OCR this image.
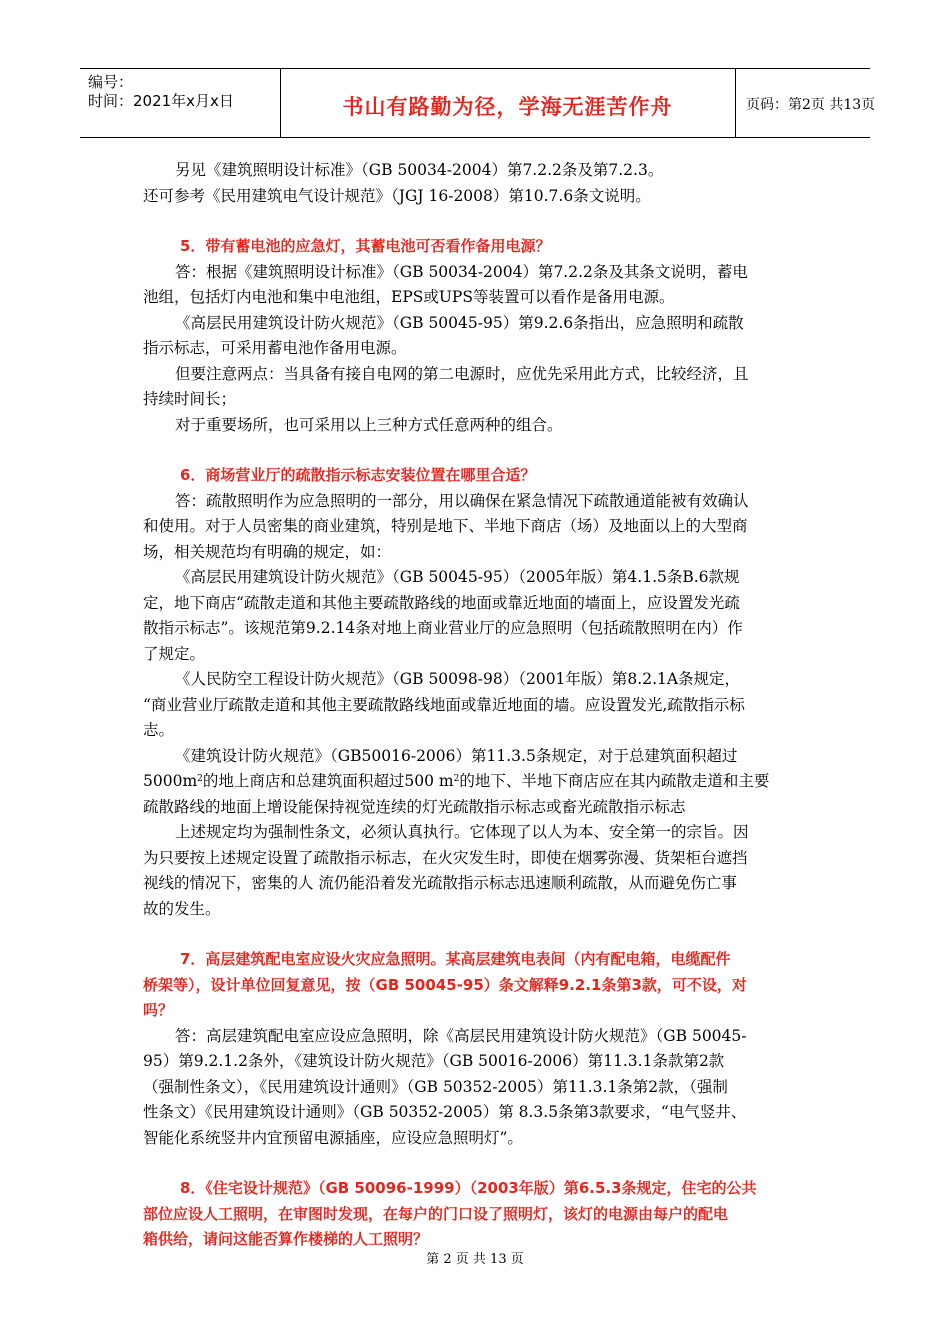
编号：
时间：2021年x月x日	书山有路勤为径，学海无涯苦作舟	页码：第2页 共13页
另见《建筑照明设计标准》（GB 50034-2004）第7.2.2条及第7.2.3。
还可参考《民用建筑电气设计规范》（JGJ 16-2008）第10.7.6条文说明。
5．带有蓄电池的应急灯，其蓄电池可否看作备用电源？
答：根据《建筑照明设计标准》（GB 50034-2004）第7.2.2条及其条文说明，蓄电
池组，包括灯内电池和集中电池组，EPS或UPS等装置可以看作是备用电源。
《高层民用建筑设计防火规范》（GB 50045-95）第9.2.6条指出，应急照明和疏散
指示标志，可采用蓄电池作备用电源。
但要注意两点：当具备有接自电网的第二电源时，应优先采用此方式，比较经济，且
持续时间长；
对于重要场所，也可采用以上三种方式任意两种的组合。
6．商场营业厅的疏散指示标志安装位置在哪里合适？
答：疏散照明作为应急照明的一部分，用以确保在紧急情况下疏散通道能被有效确认
和使用。对于人员密集的商业建筑，特别是地下、半地下商店（场）及地面以上的大型商
场，相关规范均有明确的规定，如：
《高层民用建筑设计防火规范》（GB 50045-95）（2005年版）第4.1.5条B.6款规
定，地下商店“疏散走道和其他主要疏散路线的地面或靠近地面的墙面上，应设置发光疏
散指示标志”。该规范第9.2.14条对地上商业营业厅的应急照明（包括疏散照明在内）作
了规定。
《人民防空工程设计防火规范》（GB 50098-98）（2001年版）第8.2.1A条规定，
“商业营业厅疏散走道和其他主要疏散路线地面或靠近地面的墙。应设置发光,疏散指示标
志。
《建筑设计防火规范》（GB50016-2006）第11.3.5条规定，对于总建筑面积超过
$5000m^2$的地上商店和总建筑面积超过500 $m^2$的地下、半地下商店应在其内疏散走道和主要
疏散路线的地面上增设能保持视觉连续的灯光疏散指示标志或畜光疏散指示标志
上述规定均为强制性条文，必须认真执行。它体现了以人为本、安全第一的宗旨。因
为只要按上述规定设置了疏散指示标志，在火灾发生时，即使在烟雾弥漫、货架柜台遮挡
视线的情况下，密集的人 流仍能沿着发光疏散指示标志迅速顺利疏散，从而避免伤亡事
故的发生。
7．高层建筑配电室应设火灾应急照明。某高层建筑电表间（内有配电箱，电缆配件
桥架等），设计单位回复意见，按（GB 50045-95）条文解释9.2.1条第3款，可不设，对
吗？
答：高层建筑配电室应设应急照明，除《高层民用建筑设计防火规范》（GB 50045-
95）第9.2.1.2条外，《建筑设计防火规范》（GB 50016-2006）第11.3.1条款第2款
（强制性条文），《民用建筑设计通则》（GB 50352-2005）第11.3.1条第2款，（强制
性条文）《民用建筑设计通则》（GB 50352-2005）第 8.3.5条第3款要求，“电气竖井、
智能化系统竖井内宜预留电源插座，应设应急照明灯”。
8．《住宅设计规范》（GB 50096-1999）（2003年版）第6.5.3条规定，住宅的公共
部位应设人工照明，在审图时发现，在每户的门口设了照明灯，该灯的电源由每户的配电
箱供给，请问这能否算作楼梯的人工照明？
第 2 页 共 13 页
